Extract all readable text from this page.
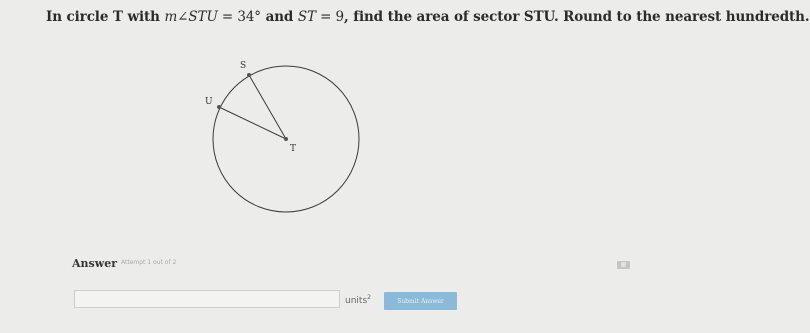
In circle T with m∠STU = 34° and ST = 9, find the area of sector STU. Round to the nearest hundredth.
S
U
T
Answer Attempt 1 out of 2	▦
units$^2$	Submit Answer
